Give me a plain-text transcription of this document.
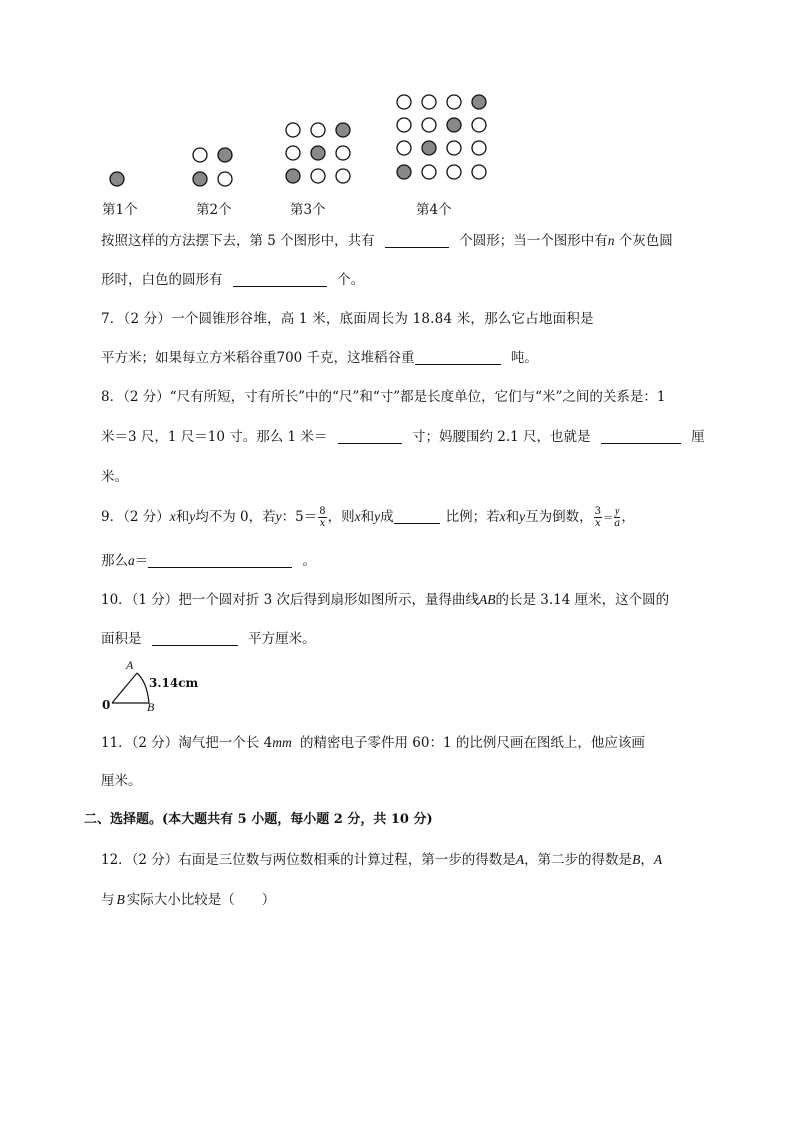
第1个	第2个	第3个	第4个
按照这样的方法摆下去，第 5 个图形中，共有	个圆形；当一个图形中有n 个灰色圆
形时，白色的圆形有	个。
7．（2 分）一个圆锥形谷堆，高 1 米，底面周长为 18.84 米，那么它占地面积是
平方米；如果每立方米稻谷重700 千克，这堆稻谷重	吨。
8．（2 分）“尺有所短，寸有所长”中的“尺”和“寸”都是长度单位，它们与“米”之间的关系是：1
米＝3 尺，1 尺＝10 寸。那么 1 米＝	寸；妈腰围约 2.1 尺，也就是	厘
米。
9．（2 分）x和y均不为 0，若y：$5= \frac{8}{x}$ ，则x和y成	比例；若x和y互为倒数， $\frac{3}{x} = \frac{y}{a}$ ，
那么a＝	。
10．（1 分）把一个圆对折 3 次后得到扇形如图所示，量得曲线AB的长是 3.14 厘米，这个圆的
面积是	平方厘米。
A
3.14cm
0	B
11．（2 分）淘气把一个长 4mm 的精密电子零件用 60：1 的比例尺画在图纸上，他应该画
厘米。
二、选择题。(本大题共有 5 小题，每小题 2 分，共 10 分)
12．（2 分）右面是三位数与两位数相乘的计算过程，第一步的得数是A，第二步的得数是B，A
与 B 实际大小比较是（　　）
